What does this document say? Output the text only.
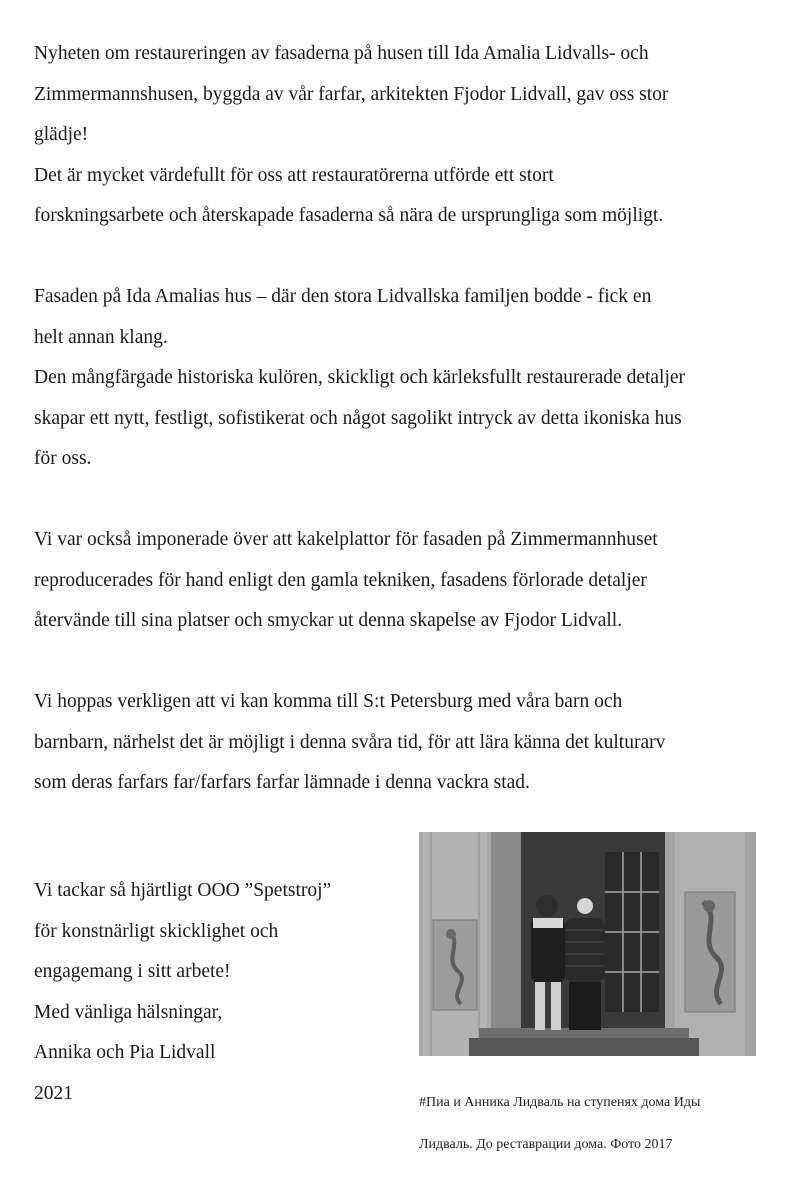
Nyheten om restaureringen av fasaderna på husen till Ida Amalia Lidvalls- och
Zimmermannshusen, byggda av vår farfar, arkitekten Fjodor Lidvall, gav oss stor
glädje!
Det är mycket värdefullt för oss att restauratörerna utförde ett stort
forskningsarbete och återskapade fasaderna så nära de ursprungliga som möjligt.
Fasaden på Ida Amalias hus – där den stora Lidvallska familjen bodde - fick en
helt annan klang.
Den mångfärgade historiska kulören, skickligt och kärleksfullt restaurerade detaljer
skapar ett nytt, festligt, sofistikerat och något sagolikt intryck av detta ikoniska hus
för oss.
Vi var också imponerade över att kakelplattor för fasaden på Zimmermannhuset
reproducerades för hand enligt den gamla tekniken, fasadens förlorade detaljer
återvände till sina platser och smyckar ut denna skapelse av Fjodor Lidvall.
Vi hoppas verkligen att vi kan komma till S:t Petersburg med våra barn och
barnbarn, närhelst det är möjligt i denna svåra tid, för att lära känna det kulturarv
som deras farfars far/farfars farfar lämnade i denna vackra stad.
Vi tackar så hjärtligt OOO ”Spetstroj”
för konstnärligt skicklighet och
engagemang i sitt arbete!
Med vänliga hälsningar,
Annika och Pia Lidvall
2021	#Пиа и Анника Лидваль на ступенях дома Иды
Лидваль. До реставрации дома. Фото 2017
